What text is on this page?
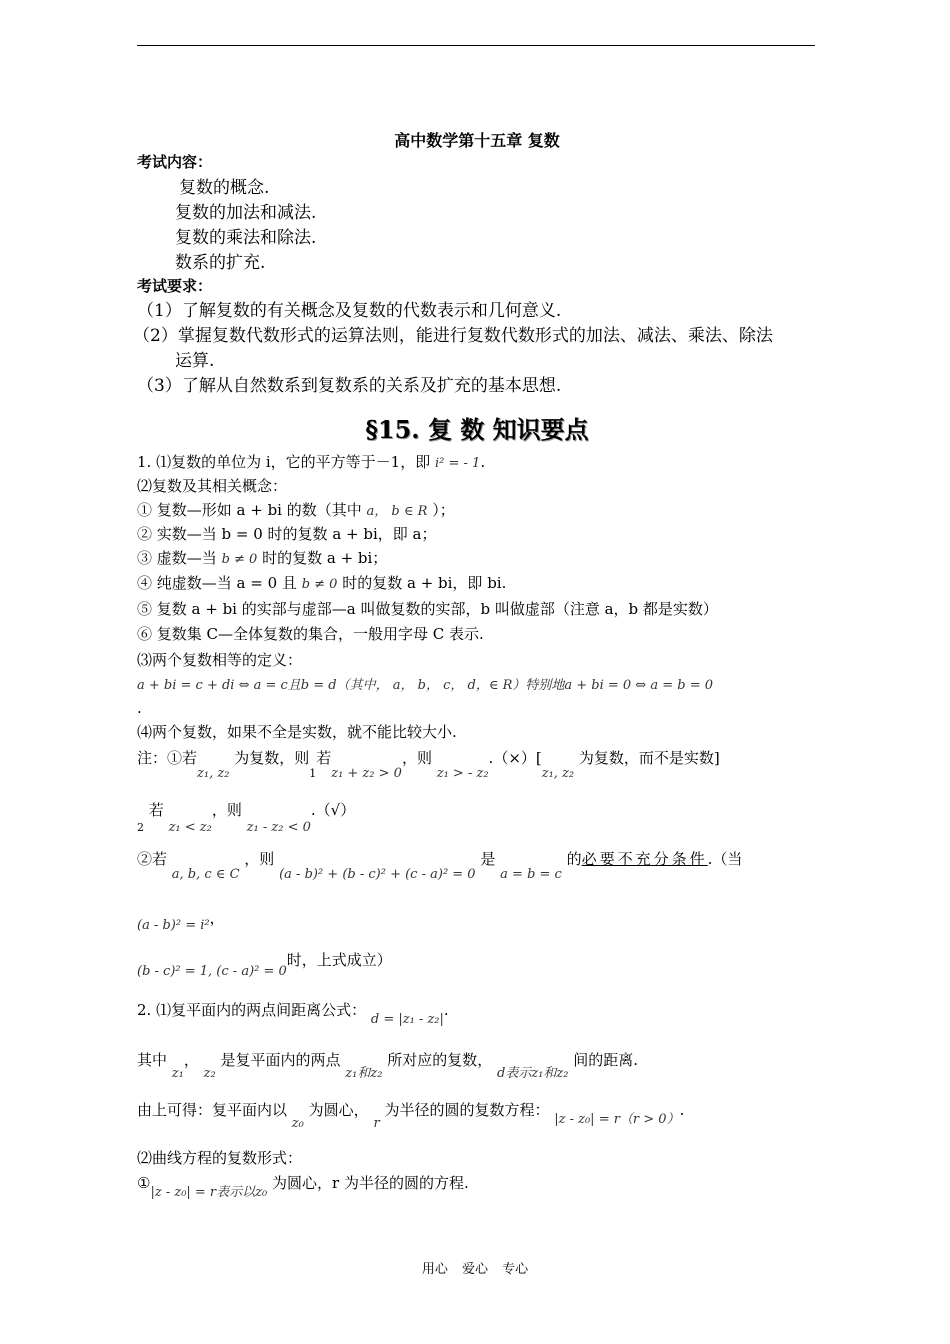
高中数学第十五章 复数
考试内容：
复数的概念.
复数的加法和减法.
复数的乘法和除法.
数系的扩充.
考试要求：
（1）了解复数的有关概念及复数的代数表示和几何意义.
（2）掌握复数代数形式的运算法则，能进行复数代数形式的加法、减法、乘法、除法
运算.
（3）了解从自然数系到复数系的关系及扩充的基本思想.
§15. 复 数 知识要点
1. ⑴复数的单位为 i，它的平方等于－1，即 i² = - 1.
⑵复数及其相关概念：
① 复数—形如 a + bi 的数（其中 a， b ∈ R ）；
② 实数—当 b = 0 时的复数 a + bi，即 a；
③ 虚数—当 b ≠ 0 时的复数 a + bi；
④ 纯虚数—当 a = 0 且 b ≠ 0 时的复数 a + bi，即 bi.
⑤ 复数 a + bi 的实部与虚部—a 叫做复数的实部，b 叫做虚部（注意 a，b 都是实数）
⑥ 复数集 C—全体复数的集合，一般用字母 C 表示.
⑶两个复数相等的定义：
a + bi = c + di ⇔ a = c且b = d（其中， a， b， c， d，∈ R）特别地a + bi = 0 ⇔ a = b = 0
.
⑷两个复数，如果不全是实数，就不能比较大小.
注：①若z₁, z₂ 为复数，则$_1$若z₁ + z₂ > 0，则 z₁ > - z₂.（×）[z₁, z₂ 为复数，而不是实数]
$_2$ 若 z₁ < z₂，则 z₁ - z₂ < 0.（√）
②若 a, b, c ∈ C ，则 (a - b)² + (b - c)² + (c - a)² = 0 是 a = b = c 的必要不充分条件.（当
(a - b)² = i²，
(b - c)² = 1, (c - a)² = 0时，上式成立）
2. ⑴复平面内的两点间距离公式： d = |z₁ - z₂|.
其中 z₁， z₂ 是复平面内的两点 z₁和z₂ 所对应的复数， d表示z₁和z₂ 间的距离.
由上可得：复平面内以 z₀ 为圆心， r 为半径的圆的复数方程： |z - z₀| = r（r > 0）.
⑵曲线方程的复数形式：
①|z - z₀| = r表示以z₀ 为圆心，r 为半径的圆的方程.
用心 爱心 专心
